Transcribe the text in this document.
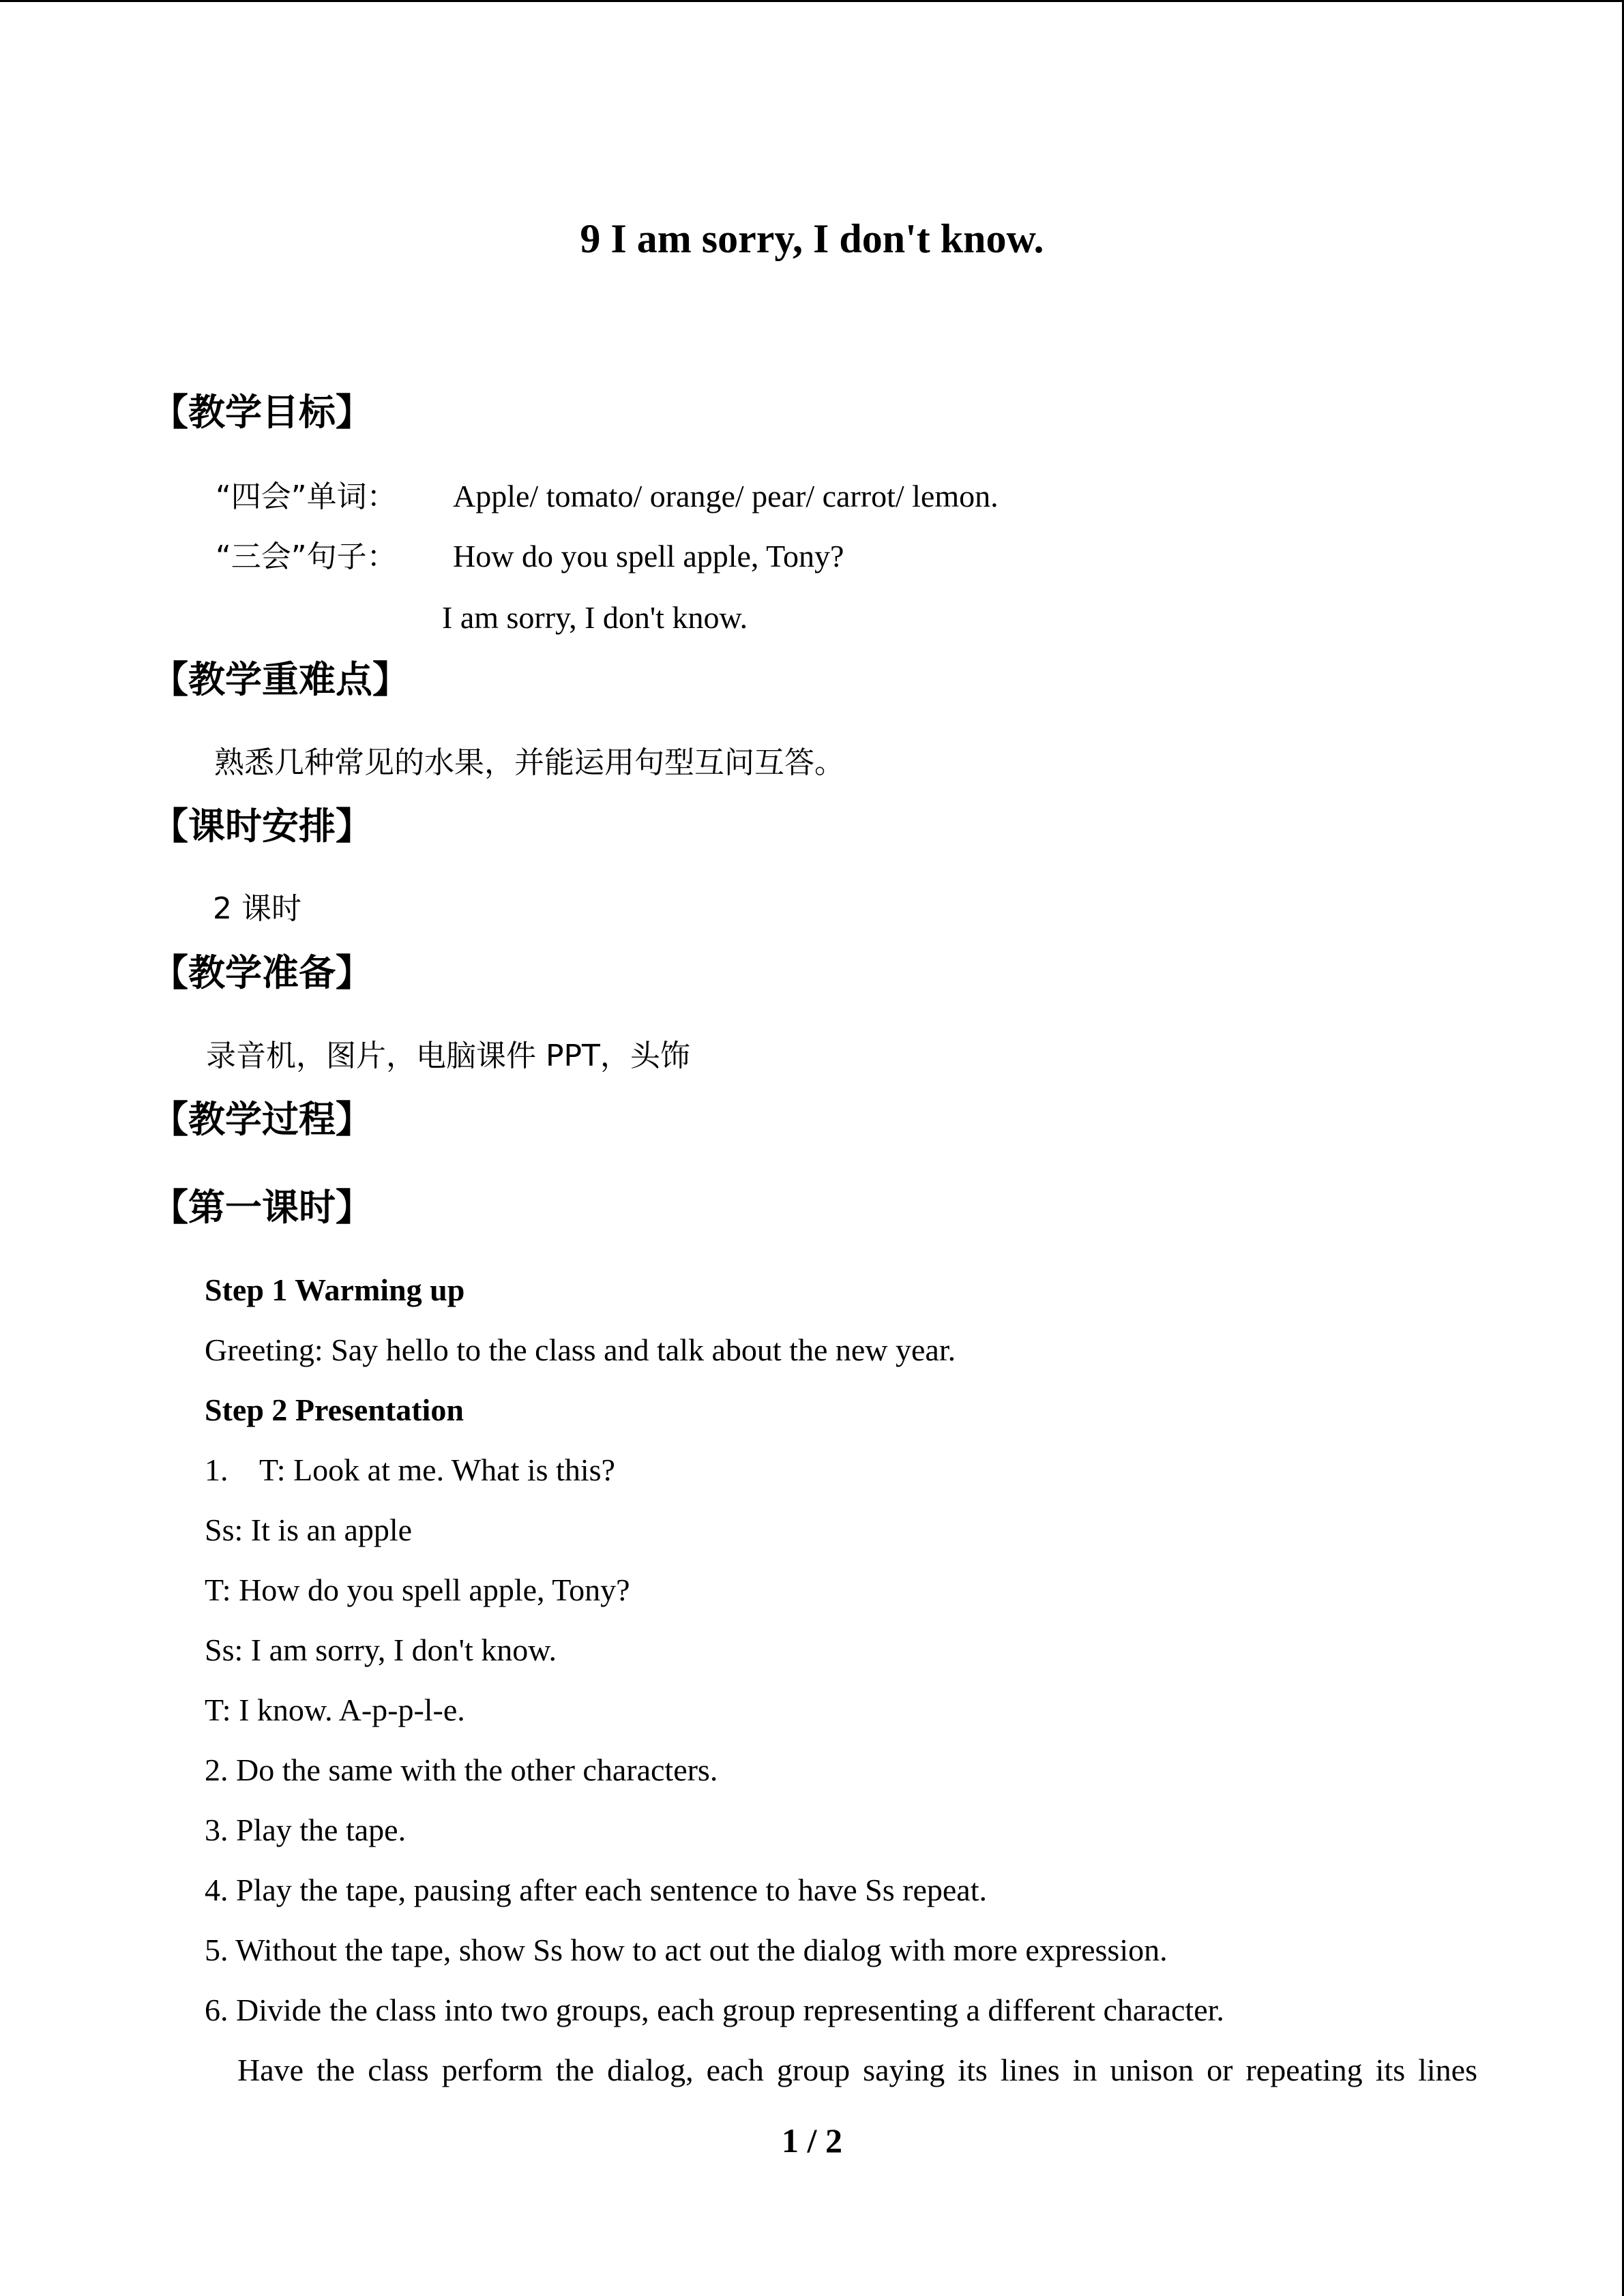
9 I am sorry, I don't know.
【教学目标】
“四会”单词： Apple/ tomato/ orange/ pear/ carrot/ lemon.
“三会”句子： How do you spell apple, Tony?
I am sorry, I don't know.
【教学重难点】
熟悉几种常见的水果，并能运用句型互问互答。
【课时安排】
2 课时
【教学准备】
录音机，图片，电脑课件 PPT，头饰
【教学过程】
【第一课时】
Step 1 Warming up
Greeting: Say hello to the class and talk about the new year.
Step 2 Presentation
1. T: Look at me. What is this?
Ss: It is an apple
T: How do you spell apple, Tony?
Ss: I am sorry, I don't know.
T: I know. A-p-p-l-e.
2. Do the same with the other characters.
3. Play the tape.
4. Play the tape, pausing after each sentence to have Ss repeat.
5. Without the tape, show Ss how to act out the dialog with more expression.
6. Divide the class into two groups, each group representing a different character.
Have the class perform the dialog, each group saying its lines in unison or repeating its lines
1 / 2
